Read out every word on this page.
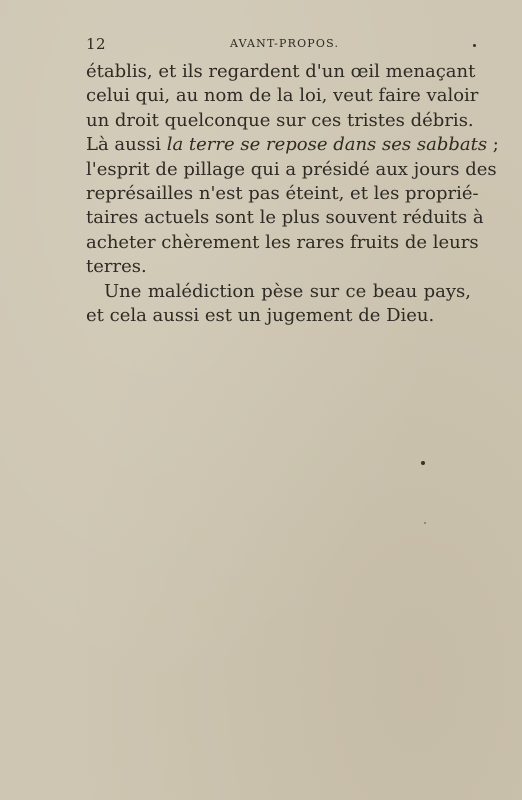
12	AVANT-PROPOS.
établis, et ils regardent d'un œil menaçant
celui qui, au nom de la loi, veut faire valoir
un droit quelconque sur ces tristes débris.
Là aussi la terre se repose dans ses sabbats ;
l'esprit de pillage qui a présidé aux jours des
représailles n'est pas éteint, et les proprié-
taires actuels sont le plus souvent réduits à
acheter chèrement les rares fruits de leurs
terres.
Une malédiction pèse sur ce beau pays,
et cela aussi est un jugement de Dieu.
